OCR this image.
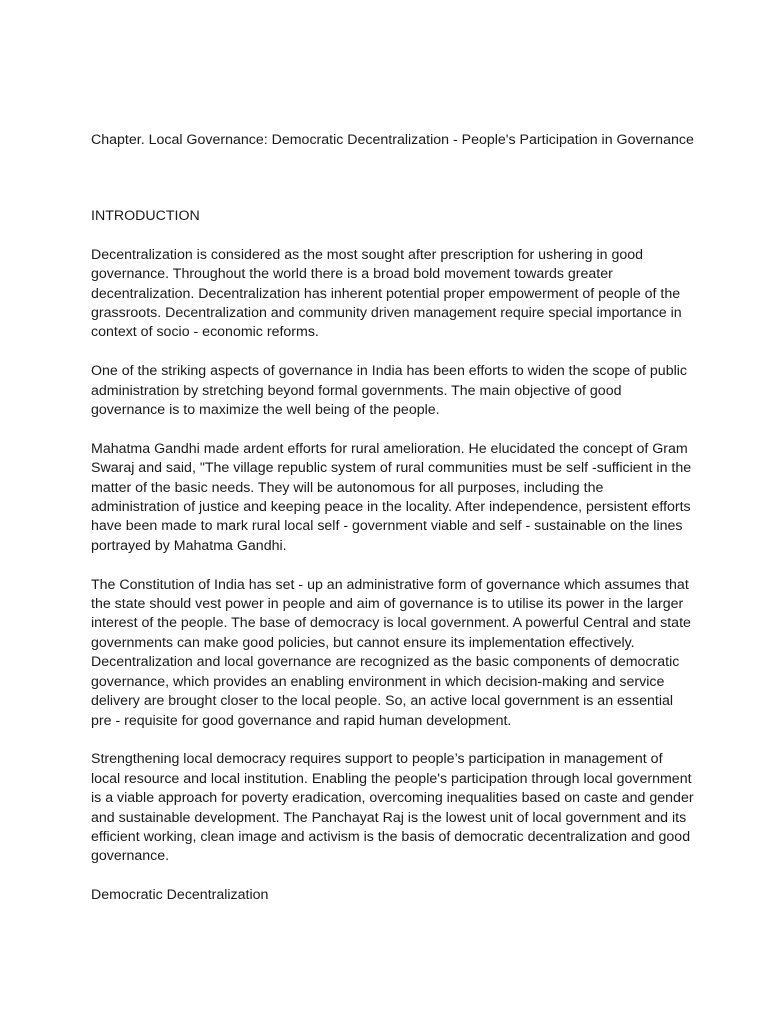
Chapter. Local Governance: Democratic Decentralization - People's Participation in Governance
INTRODUCTION
Decentralization is considered as the most sought after prescription for ushering in good
governance. Throughout the world there is a broad bold movement towards greater
decentralization. Decentralization has inherent potential proper empowerment of people of the
grassroots. Decentralization and community driven management require special importance in
context of socio - economic reforms.
One of the striking aspects of governance in India has been efforts to widen the scope of public
administration by stretching beyond formal governments. The main objective of good
governance is to maximize the well being of the people.
Mahatma Gandhi made ardent efforts for rural amelioration. He elucidated the concept of Gram
Swaraj and said, "The village republic system of rural communities must be self -sufficient in the
matter of the basic needs. They will be autonomous for all purposes, including the
administration of justice and keeping peace in the locality. After independence, persistent efforts
have been made to mark rural local self - government viable and self - sustainable on the lines
portrayed by Mahatma Gandhi.
The Constitution of India has set - up an administrative form of governance which assumes that
the state should vest power in people and aim of governance is to utilise its power in the larger
interest of the people. The base of democracy is local government. A powerful Central and state
governments can make good policies, but cannot ensure its implementation effectively.
Decentralization and local governance are recognized as the basic components of democratic
governance, which provides an enabling environment in which decision-making and service
delivery are brought closer to the local people. So, an active local government is an essential
pre - requisite for good governance and rapid human development.
Strengthening local democracy requires support to people’s participation in management of
local resource and local institution. Enabling the people's participation through local government
is a viable approach for poverty eradication, overcoming inequalities based on caste and gender
and sustainable development. The Panchayat Raj is the lowest unit of local government and its
efficient working, clean image and activism is the basis of democratic decentralization and good
governance.
Democratic Decentralization
